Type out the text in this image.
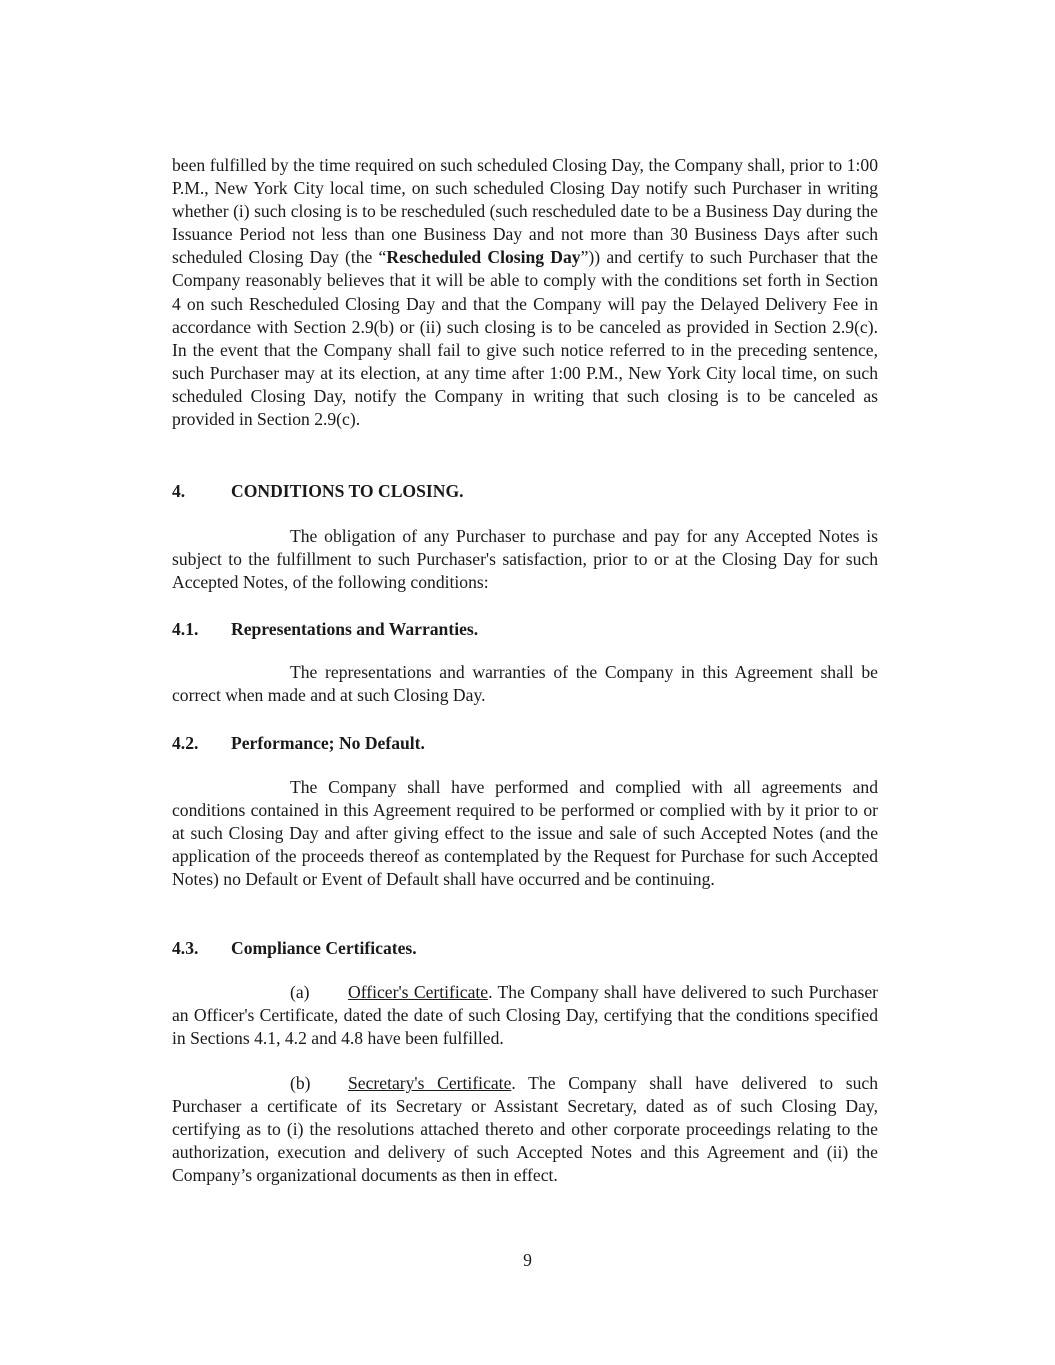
been fulfilled by the time required on such scheduled Closing Day, the Company shall, prior to 1:00 P.M., New York City local time, on such scheduled Closing Day notify such Purchaser in writing whether (i) such closing is to be rescheduled (such rescheduled date to be a Business Day during the Issuance Period not less than one Business Day and not more than 30 Business Days after such scheduled Closing Day (the “Rescheduled Closing Day”)) and certify to such Purchaser that the Company reasonably believes that it will be able to comply with the conditions set forth in Section 4 on such Rescheduled Closing Day and that the Company will pay the Delayed Delivery Fee in accordance with Section 2.9(b) or (ii) such closing is to be canceled as provided in Section 2.9(c). In the event that the Company shall fail to give such notice referred to in the preceding sentence, such Purchaser may at its election, at any time after 1:00 P.M., New York City local time, on such scheduled Closing Day, notify the Company in writing that such closing is to be canceled as provided in Section 2.9(c).

4.	CONDITIONS TO CLOSING.

The obligation of any Purchaser to purchase and pay for any Accepted Notes is subject to the fulfillment to such Purchaser's satisfaction, prior to or at the Closing Day for such Accepted Notes, of the following conditions:

4.1. Representations and Warranties.

The representations and warranties of the Company in this Agreement shall be correct when made and at such Closing Day.

4.2. Performance; No Default.

The Company shall have performed and complied with all agreements and conditions contained in this Agreement required to be performed or complied with by it prior to or at such Closing Day and after giving effect to the issue and sale of such Accepted Notes (and the application of the proceeds thereof as contemplated by the Request for Purchase for such Accepted Notes) no Default or Event of Default shall have occurred and be continuing.

4.3. Compliance Certificates.

(a) Officer's Certificate. The Company shall have delivered to such Purchaser an Officer's Certificate, dated the date of such Closing Day, certifying that the conditions specified in Sections 4.1, 4.2 and 4.8 have been fulfilled.

(b) Secretary's Certificate. The Company shall have delivered to such Purchaser a certificate of its Secretary or Assistant Secretary, dated as of such Closing Day, certifying as to (i) the resolutions attached thereto and other corporate proceedings relating to the authorization, execution and delivery of such Accepted Notes and this Agreement and (ii) the Company’s organizational documents as then in effect.

9
